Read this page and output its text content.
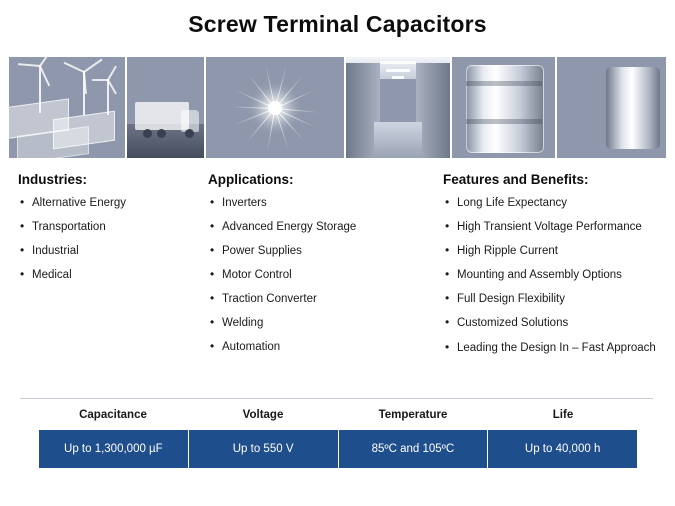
Screw Terminal Capacitors
Industries:
• Alternative Energy
• Transportation
• Industrial
• Medical
Applications:
• Inverters
• Advanced Energy Storage
• Power Supplies
• Motor Control
• Traction Converter
• Welding
• Automation
Features and Benefits:
• Long Life Expectancy
• High Transient Voltage Performance
• High Ripple Current
• Mounting and Assembly Options
• Full Design Flexibility
• Customized Solutions
• Leading the Design In – Fast Approach
Capacitance	Voltage	Temperature	Life
Up to 1,300,000 µF	Up to 550 V	85ºC and 105ºC	Up to 40,000 h
